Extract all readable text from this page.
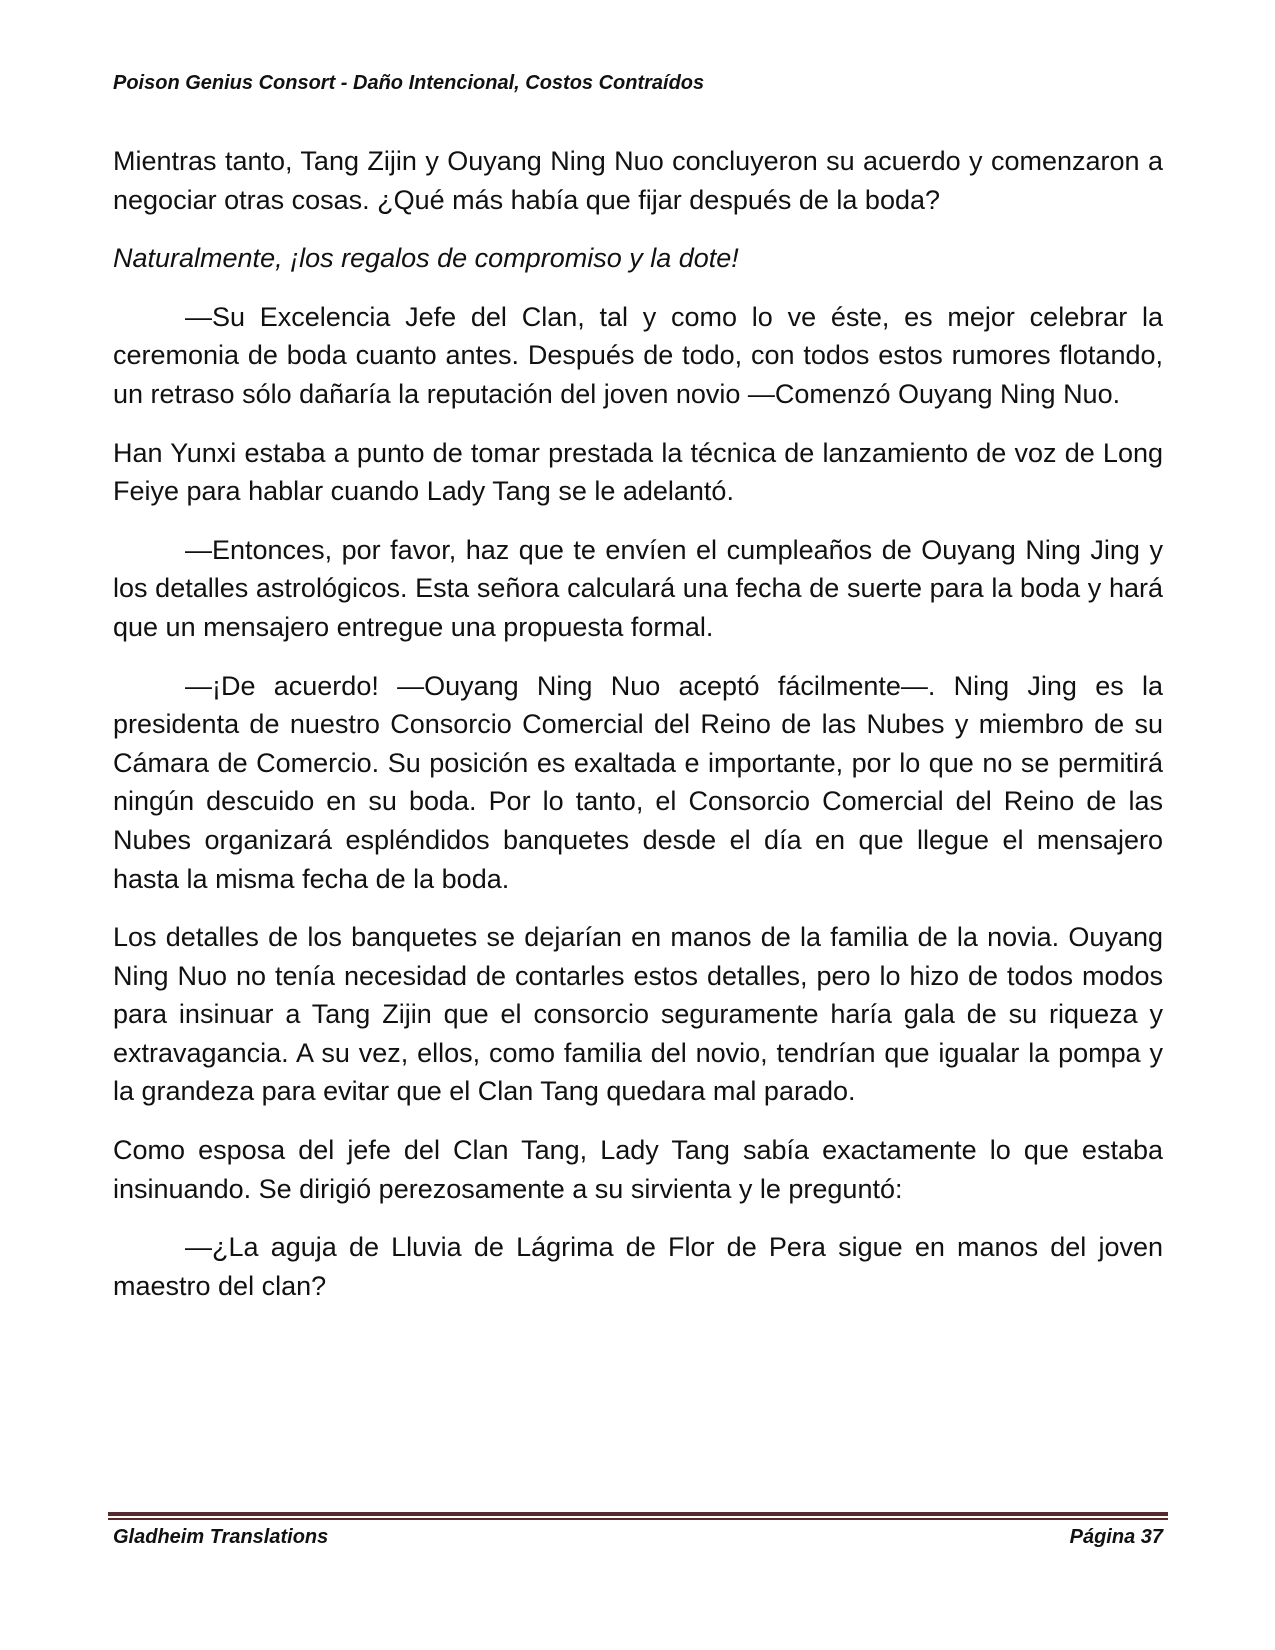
Poison Genius Consort - Daño Intencional, Costos Contraídos

Mientras tanto, Tang Zijin y Ouyang Ning Nuo concluyeron su acuerdo y comenzaron a negociar otras cosas. ¿Qué más había que fijar después de la boda?

Naturalmente, ¡los regalos de compromiso y la dote!

—Su Excelencia Jefe del Clan, tal y como lo ve éste, es mejor celebrar la ceremonia de boda cuanto antes. Después de todo, con todos estos rumores flotando, un retraso sólo dañaría la reputación del joven novio —Comenzó Ouyang Ning Nuo.

Han Yunxi estaba a punto de tomar prestada la técnica de lanzamiento de voz de Long Feiye para hablar cuando Lady Tang se le adelantó.

—Entonces, por favor, haz que te envíen el cumpleaños de Ouyang Ning Jing y los detalles astrológicos. Esta señora calculará una fecha de suerte para la boda y hará que un mensajero entregue una propuesta formal.

—¡De acuerdo! —Ouyang Ning Nuo aceptó fácilmente—. Ning Jing es la presidenta de nuestro Consorcio Comercial del Reino de las Nubes y miembro de su Cámara de Comercio. Su posición es exaltada e importante, por lo que no se permitirá ningún descuido en su boda. Por lo tanto, el Consorcio Comercial del Reino de las Nubes organizará espléndidos banquetes desde el día en que llegue el mensajero hasta la misma fecha de la boda.

Los detalles de los banquetes se dejarían en manos de la familia de la novia. Ouyang Ning Nuo no tenía necesidad de contarles estos detalles, pero lo hizo de todos modos para insinuar a Tang Zijin que el consorcio seguramente haría gala de su riqueza y extravagancia. A su vez, ellos, como familia del novio, tendrían que igualar la pompa y la grandeza para evitar que el Clan Tang quedara mal parado.

Como esposa del jefe del Clan Tang, Lady Tang sabía exactamente lo que estaba insinuando. Se dirigió perezosamente a su sirvienta y le preguntó:

—¿La aguja de Lluvia de Lágrima de Flor de Pera sigue en manos del joven maestro del clan?

Gladheim Translations	Página 37
